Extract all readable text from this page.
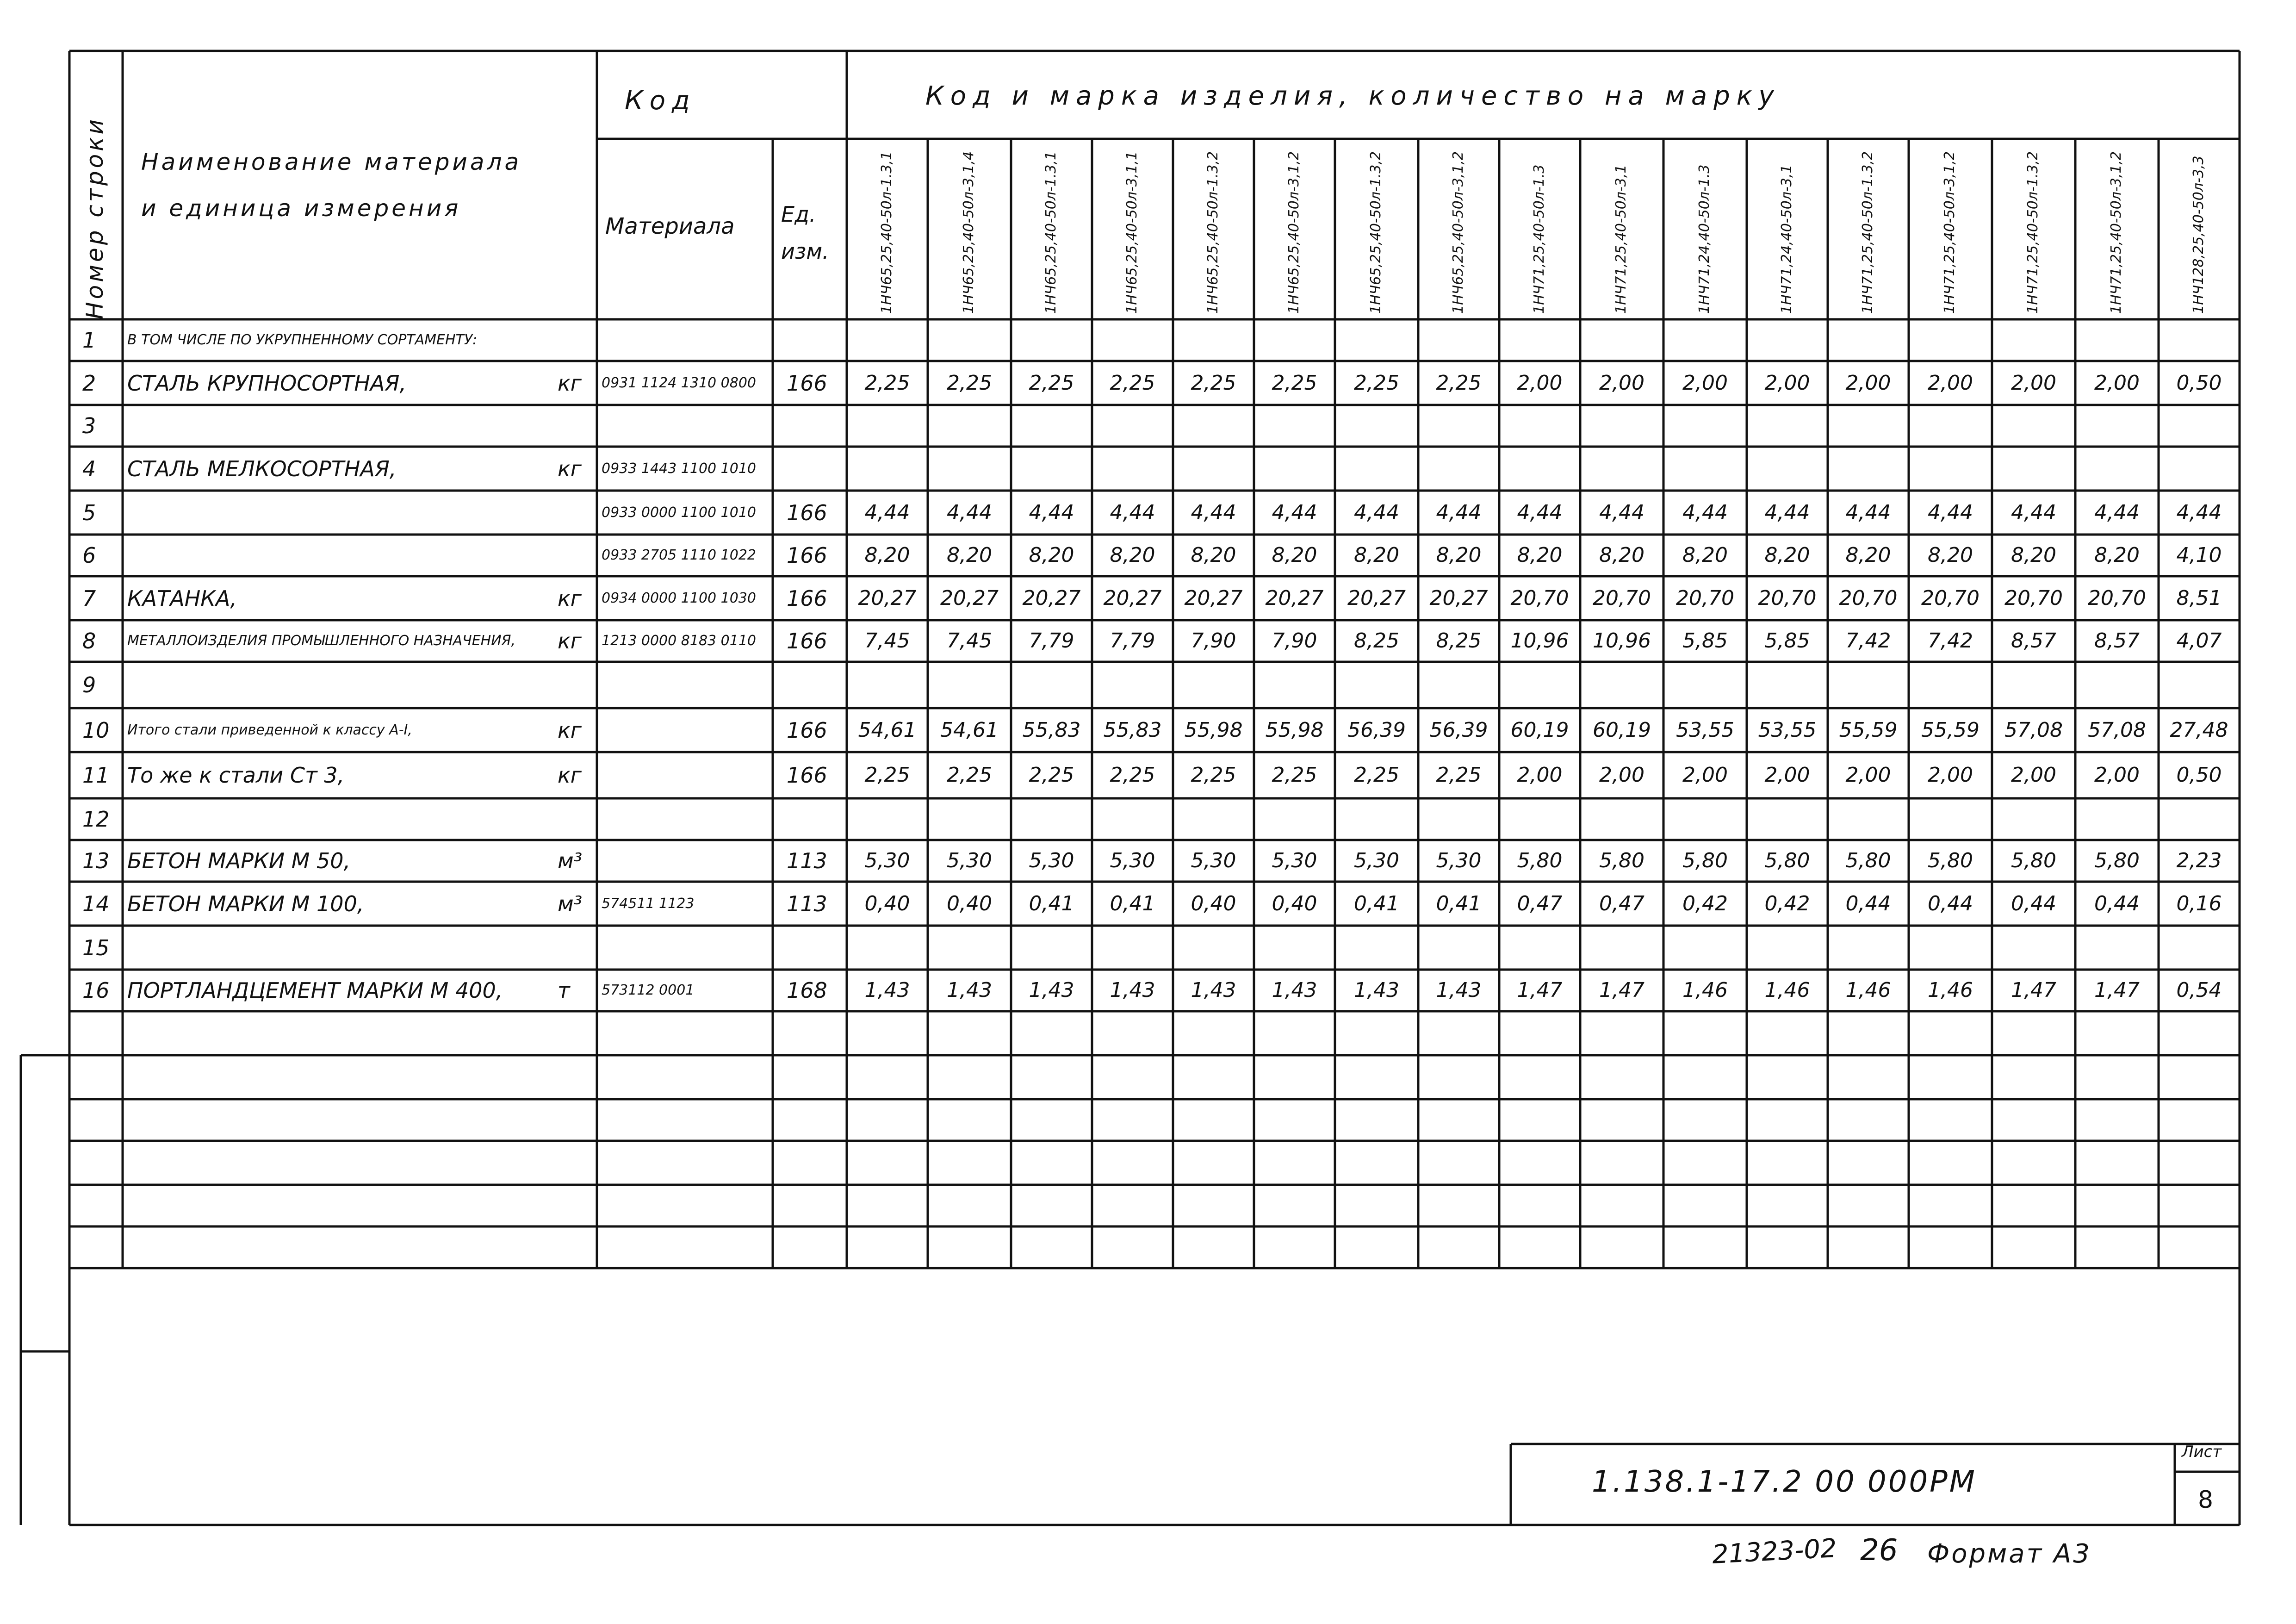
1 В ТОМ ЧИСЛЕ ПО УКРУПНЕННОМУ СОРТАМЕНТУ:
2 СТАЛЬ КРУПНОСОРТНАЯ,	кг 0931 1124 1310 0800 166	2,25	2,25	2,25	2,25	2,25	2,25	2,25	2,25	2,00	2,00	2,00	2,00	2,00	2,00	2,00	2,00	0,50
3
4 СТАЛЬ МЕЛКОСОРТНАЯ,	кг 0933 1443 1100 1010
5	0933 0000 1100 1010 166	4,44	4,44	4,44	4,44	4,44	4,44	4,44	4,44	4,44	4,44	4,44	4,44	4,44	4,44	4,44	4,44	4,44
6	0933 2705 1110 1022 166	8,20	8,20	8,20	8,20	8,20	8,20	8,20	8,20	8,20	8,20	8,20	8,20	8,20	8,20	8,20	8,20	4,10
7 КАТАНКА,	кг 0934 0000 1100 1030 166	20,27	20,27	20,27	20,27	20,27	20,27	20,27	20,27	20,70	20,70	20,70	20,70	20,70	20,70	20,70	20,70	8,51
8 МЕТАЛЛОИЗДЕЛИЯ ПРОМЫШЛЕННОГО НАЗНАЧЕНИЯ, кг 1213 0000 8183 0110 166	7,45	7,45	7,79	7,79	7,90	7,90	8,25	8,25	10,96	10,96	5,85	5,85	7,42	7,42	8,57	8,57	4,07
9
10 Итого стали приведенной к классу А-I,	кг	166	54,61	54,61	55,83	55,83	55,98	55,98	56,39	56,39	60,19	60,19	53,55	53,55	55,59	55,59	57,08	57,08	27,48
11 То же к стали Ст 3,	кг	166	2,25	2,25	2,25	2,25	2,25	2,25	2,25	2,25	2,00	2,00	2,00	2,00	2,00	2,00	2,00	2,00	0,50
12
13 БЕТОН МАРКИ М 50,	м³	113	5,30	5,30	5,30	5,30	5,30	5,30	5,30	5,30	5,80	5,80	5,80	5,80	5,80	5,80	5,80	5,80	2,23
14 БЕТОН МАРКИ М 100,	м³ 574511 1123	113	0,40	0,40	0,41	0,41	0,40	0,40	0,41	0,41	0,47	0,47	0,42	0,42	0,44	0,44	0,44	0,44	0,16
15
16 ПОРТЛАНДЦЕМЕНТ МАРКИ М 400,	т 573112 0001	168	1,43	1,43	1,43	1,43	1,43	1,43	1,43	1,43	1,47	1,47	1,46	1,46	1,46	1,46	1,47	1,47	0,54
1НЧ65,25,40-50л-1.3,1	1НЧ65,25,40-50л-3,1,4	1НЧ65,25,40-50л-1.3,1	1НЧ65,25,40-50л-3,1,1	1НЧ65,25,40-50л-1.3,2	1НЧ65,25,40-50л-3,1,2	1НЧ65,25,40-50л-1.3,2	1НЧ65,25,40-50л-3,1,2	1НЧ71,25,40-50л-1.3	1НЧ71,25,40-50л-3,1	1НЧ71,24,40-50л-1.3	1НЧ71,24,40-50л-3,1	1НЧ71,25,40-50л-1.3,2	1НЧ71,25,40-50л-3,1,2	1НЧ71,25,40-50л-1.3,2	1НЧ71,25,40-50л-3,1,2	1НЧ128,25,40-50л-3,3
Код	Код и марка изделия, количество на марку
Наименование материала
и единица измерения
Материала Ед.
изм.
Номер строки
1.138.1-17.2 00 000РМ
Лист
8
21323-02 26 Формат А3
